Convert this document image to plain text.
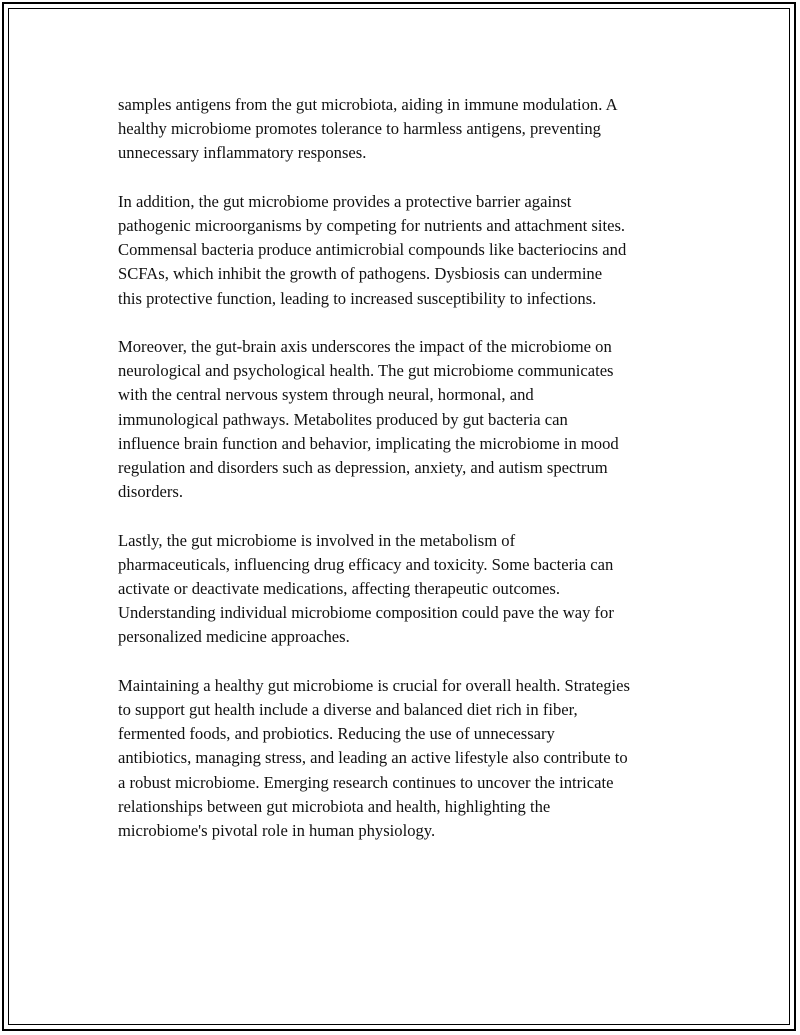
samples antigens from the gut microbiota, aiding in immune modulation. A
healthy microbiome promotes tolerance to harmless antigens, preventing
unnecessary inflammatory responses.

In addition, the gut microbiome provides a protective barrier against
pathogenic microorganisms by competing for nutrients and attachment sites.
Commensal bacteria produce antimicrobial compounds like bacteriocins and
SCFAs, which inhibit the growth of pathogens. Dysbiosis can undermine
this protective function, leading to increased susceptibility to infections.

Moreover, the gut-brain axis underscores the impact of the microbiome on
neurological and psychological health. The gut microbiome communicates
with the central nervous system through neural, hormonal, and
immunological pathways. Metabolites produced by gut bacteria can
influence brain function and behavior, implicating the microbiome in mood
regulation and disorders such as depression, anxiety, and autism spectrum
disorders.

Lastly, the gut microbiome is involved in the metabolism of
pharmaceuticals, influencing drug efficacy and toxicity. Some bacteria can
activate or deactivate medications, affecting therapeutic outcomes.
Understanding individual microbiome composition could pave the way for
personalized medicine approaches.

Maintaining a healthy gut microbiome is crucial for overall health. Strategies
to support gut health include a diverse and balanced diet rich in fiber,
fermented foods, and probiotics. Reducing the use of unnecessary
antibiotics, managing stress, and leading an active lifestyle also contribute to
a robust microbiome. Emerging research continues to uncover the intricate
relationships between gut microbiota and health, highlighting the
microbiome's pivotal role in human physiology.
